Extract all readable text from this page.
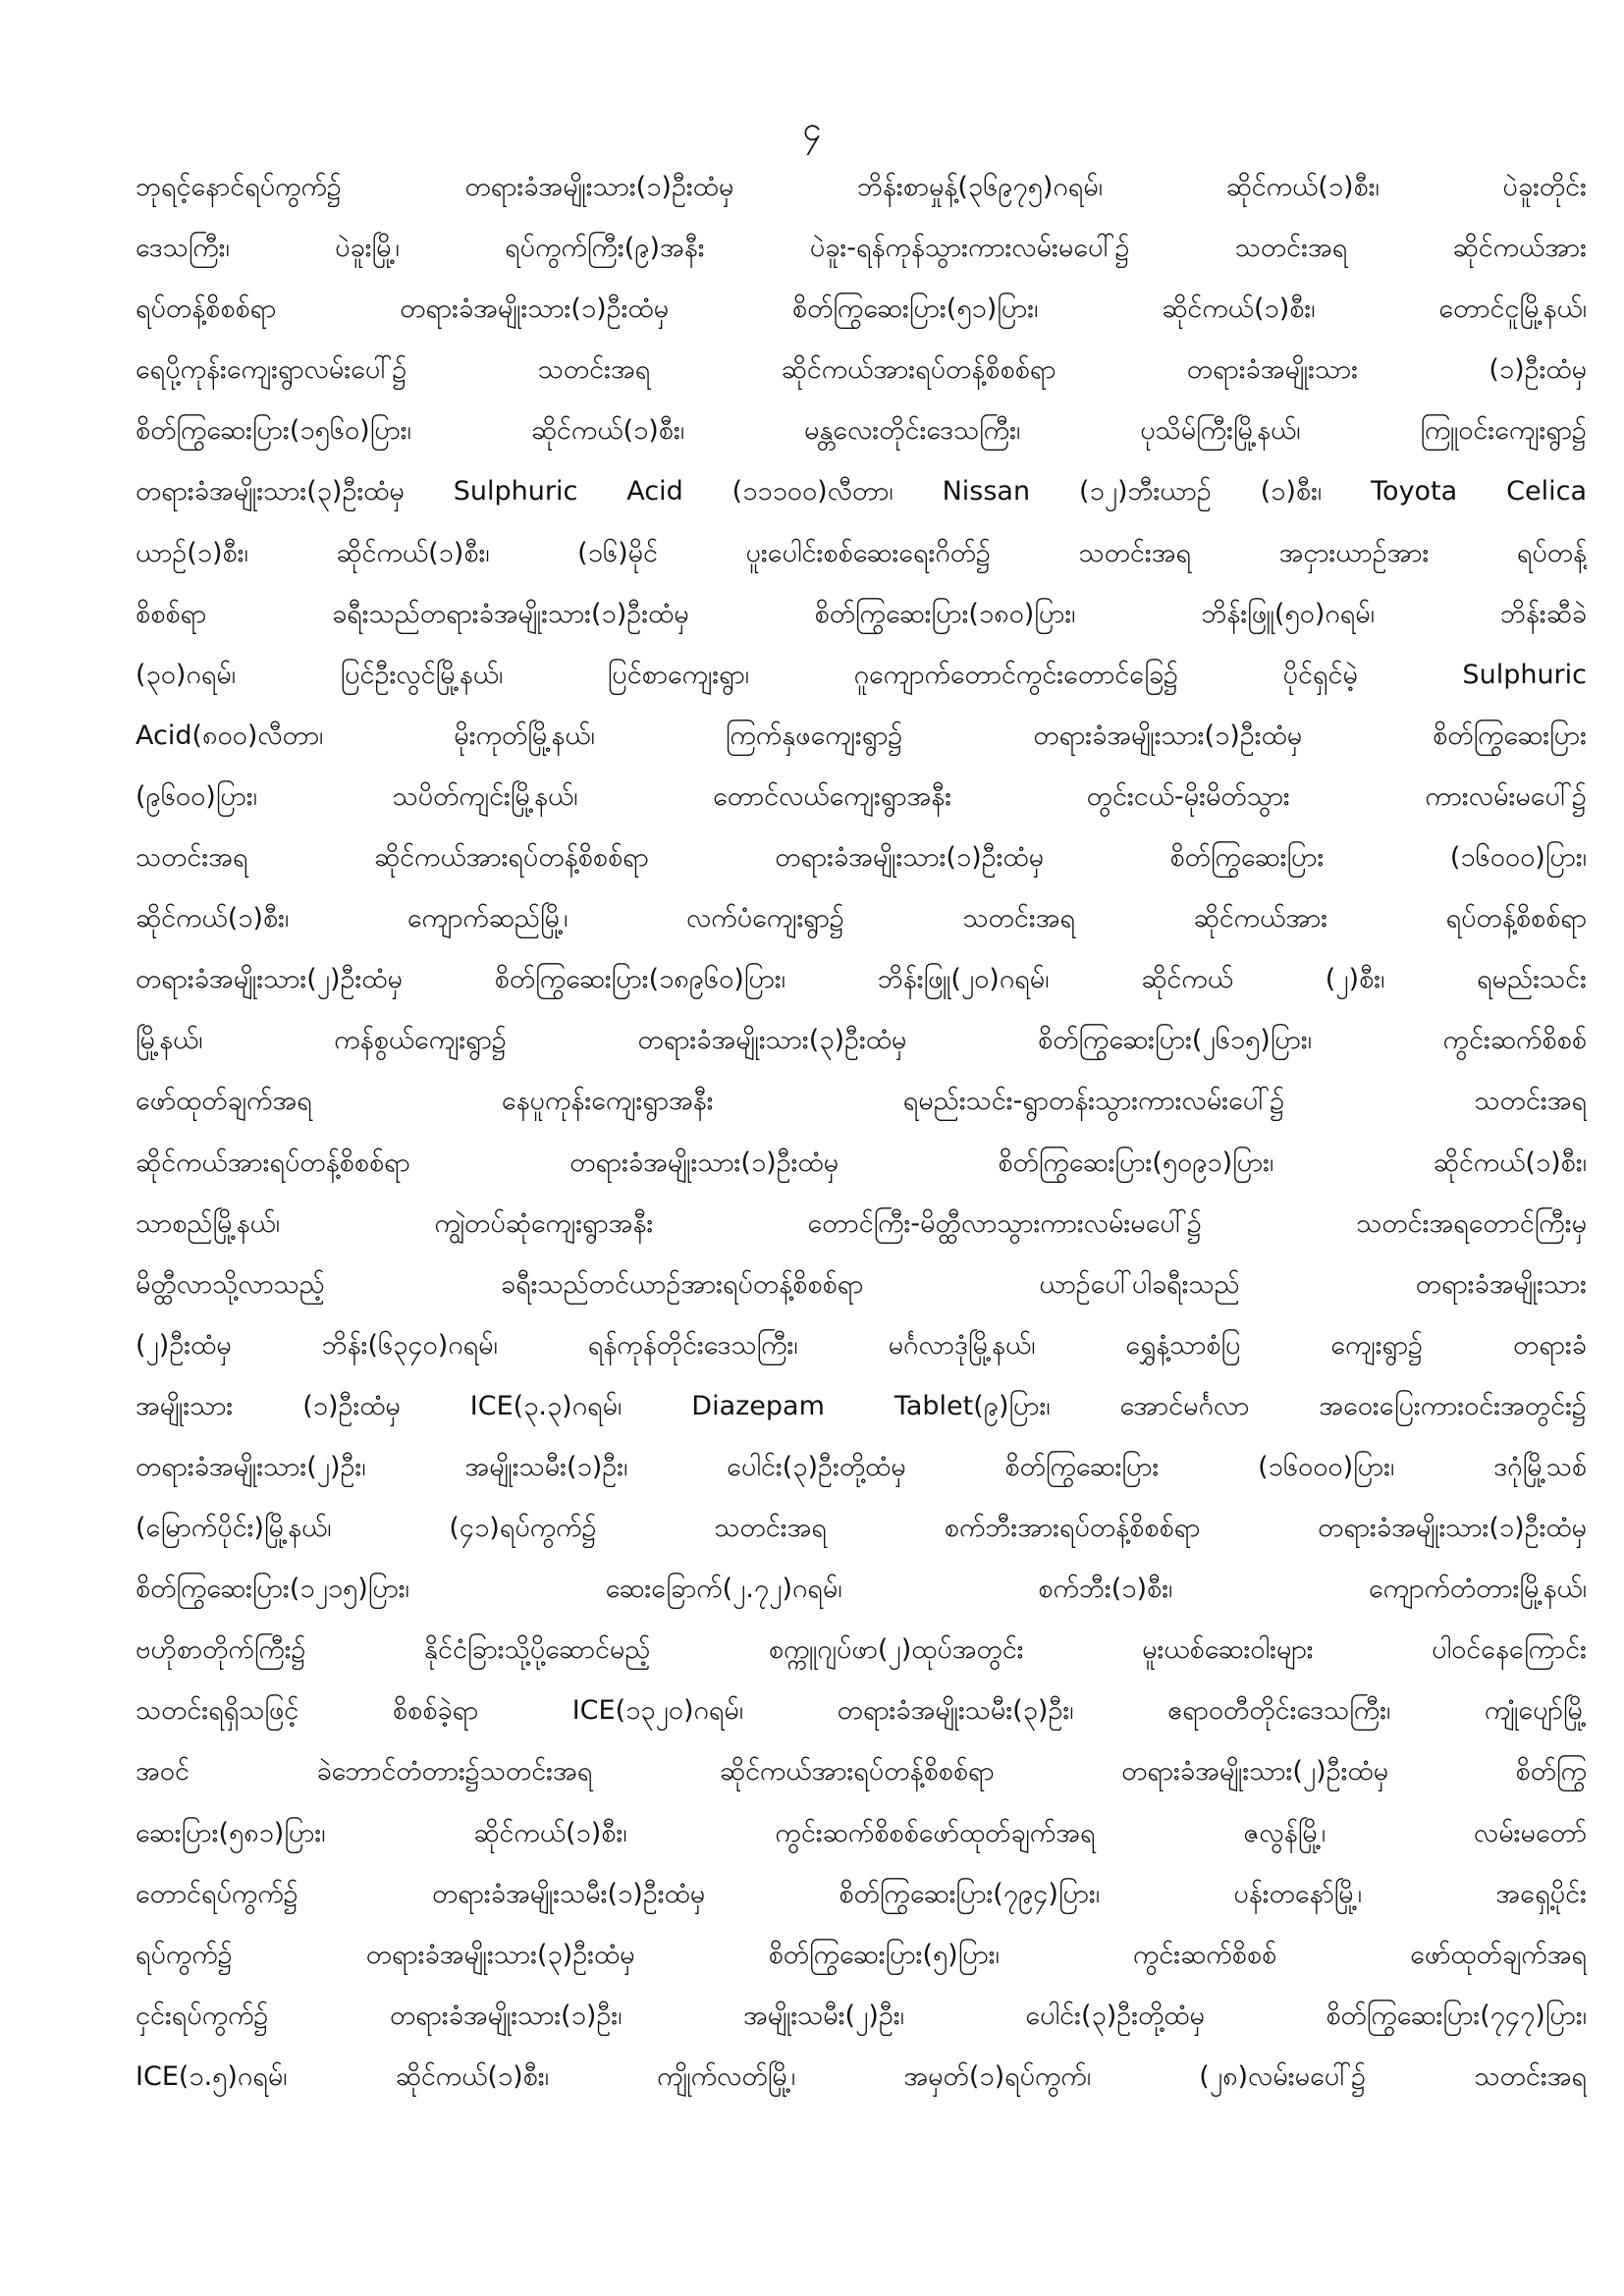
၄
ဘုရင့်နောင်ရပ်ကွက်၌ တရားခံအမျိုးသား(၁)ဦးထံမှ ဘိန်းစာမှုန့်(၃၆၉၇၅)ဂရမ်၊ ဆိုင်ကယ်(၁)စီး၊ ပဲခူးတိုင်း
ဒေသကြီး၊ ပဲခူးမြို့၊ ရပ်ကွက်ကြီး(၉)အနီး ပဲခူး-ရန်ကုန်သွားကားလမ်းမပေါ်၌ သတင်းအရ ဆိုင်ကယ်အား
ရပ်တန့်စိစစ်ရာ တရားခံအမျိုးသား(၁)ဦးထံမှ စိတ်ကြွဆေးပြား(၅၁)ပြား၊ ဆိုင်ကယ်(၁)စီး၊ တောင်ငူမြို့နယ်၊
ရေပို့ကုန်းကျေးရွာလမ်းပေါ်၌ သတင်းအရ ဆိုင်ကယ်အားရပ်တန့်စိစစ်ရာ တရားခံအမျိုးသား (၁)ဦးထံမှ
စိတ်ကြွဆေးပြား(၁၅၆၀)ပြား၊ ဆိုင်ကယ်(၁)စီး၊ မန္တလေးတိုင်းဒေသကြီး၊ ပုသိမ်ကြီးမြို့နယ်၊ ကြူဝင်းကျေးရွာ၌
တရားခံအမျိုးသား(၃)ဦးထံမှ Sulphuric Acid (၁၁၁၀၀)လီတာ၊ Nissan (၁၂)ဘီးယာဉ် (၁)စီး၊ Toyota Celica
ယာဉ်(၁)စီး၊ ဆိုင်ကယ်(၁)စီး၊ (၁၆)မိုင် ပူးပေါင်းစစ်ဆေးရေးဂိတ်၌ သတင်းအရ အငှားယာဉ်အား ရပ်တန့်
စိစစ်ရာ ခရီးသည်တရားခံအမျိုးသား(၁)ဦးထံမှ စိတ်ကြွဆေးပြား(၁၈၀)ပြား၊ ဘိန်းဖြူ(၅၀)ဂရမ်၊ ဘိန်းဆီခဲ
(၃၀)ဂရမ်၊ ပြင်ဦးလွင်မြို့နယ်၊ ပြင်စာကျေးရွာ၊ ဂူကျောက်တောင်ကွင်းတောင်ခြေ၌ ပိုင်ရှင်မဲ့ Sulphuric
Acid(၈၀၀)လီတာ၊ မိုးကုတ်မြို့နယ်၊ ကြက်နှဖကျေးရွာ၌ တရားခံအမျိုးသား(၁)ဦးထံမှ စိတ်ကြွဆေးပြား
(၉၆၀၀)ပြား၊ သပိတ်ကျင်းမြို့နယ်၊ တောင်လယ်ကျေးရွာအနီး တွင်းငယ်-မိုးမိတ်သွား ကားလမ်းမပေါ်၌
သတင်းအရ ဆိုင်ကယ်အားရပ်တန့်စိစစ်ရာ တရားခံအမျိုးသား(၁)ဦးထံမှ စိတ်ကြွဆေးပြား (၁၆၀၀၀)ပြား၊
ဆိုင်ကယ်(၁)စီး၊ ကျောက်ဆည်မြို့၊ လက်ပံကျေးရွာ၌ သတင်းအရ ဆိုင်ကယ်အား ရပ်တန့်စိစစ်ရာ
တရားခံအမျိုးသား(၂)ဦးထံမှ စိတ်ကြွဆေးပြား(၁၈၉၆၀)ပြား၊ ဘိန်းဖြူ(၂၀)ဂရမ်၊ ဆိုင်ကယ် (၂)စီး၊ ရမည်းသင်း
မြို့နယ်၊ ကန်စွယ်ကျေးရွာ၌ တရားခံအမျိုးသား(၃)ဦးထံမှ စိတ်ကြွဆေးပြား(၂၆၁၅)ပြား၊ ကွင်းဆက်စိစစ်
ဖော်ထုတ်ချက်အရ နေပူကုန်းကျေးရွာအနီး ရမည်းသင်း-ရွာတန်းသွားကားလမ်းပေါ်၌ သတင်းအရ
ဆိုင်ကယ်အားရပ်တန့်စိစစ်ရာ တရားခံအမျိုးသား(၁)ဦးထံမှ စိတ်ကြွဆေးပြား(၅၀၉၁)ပြား၊ ဆိုင်ကယ်(၁)စီး၊
သာစည်မြို့နယ်၊ ကျွဲတပ်ဆုံကျေးရွာအနီး တောင်ကြီး-မိတ္ထီလာသွားကားလမ်းမပေါ်၌ သတင်းအရတောင်ကြီးမှ
မိတ္ထီလာသို့လာသည့် ခရီးသည်တင်ယာဉ်အားရပ်တန့်စိစစ်ရာ ယာဉ်ပေါ်ပါခရီးသည် တရားခံအမျိုးသား
(၂)ဦးထံမှ ဘိန်း(၆၃၄၀)ဂရမ်၊ ရန်ကုန်တိုင်းဒေသကြီး၊ မင်္ဂလာဒုံမြို့နယ်၊ ရွှေနံ့သာစံပြ ကျေးရွာ၌ တရားခံ
အမျိုးသား (၁)ဦးထံမှ ICE(၃.၃)ဂရမ်၊ Diazepam Tablet(၉)ပြား၊ အောင်မင်္ဂလာ အဝေးပြေးကားဝင်းအတွင်း၌
တရားခံအမျိုးသား(၂)ဦး၊ အမျိုးသမီး(၁)ဦး၊ ပေါင်း(၃)ဦးတို့ထံမှ စိတ်ကြွဆေးပြား (၁၆၀၀၀)ပြား၊ ဒဂုံမြို့သစ်
(မြောက်ပိုင်း)မြို့နယ်၊ (၄၁)ရပ်ကွက်၌ သတင်းအရ စက်ဘီးအားရပ်တန့်စိစစ်ရာ တရားခံအမျိုးသား(၁)ဦးထံမှ
စိတ်ကြွဆေးပြား(၁၂၁၅)ပြား၊ ဆေးခြောက်(၂.၇၂)ဂရမ်၊ စက်ဘီး(၁)စီး၊ ကျောက်တံတားမြို့နယ်၊
ဗဟိုစာတိုက်ကြီး၌ နိုင်ငံခြားသို့ပို့ဆောင်မည့် စက္ကူဂျပ်ဖာ(၂)ထုပ်အတွင်း မူးယစ်ဆေးဝါးများ ပါဝင်နေကြောင်း
သတင်းရရှိသဖြင့် စိစစ်ခဲ့ရာ ICE(၁၃၂၀)ဂရမ်၊ တရားခံအမျိုးသမီး(၃)ဦး၊ ဧရာဝတီတိုင်းဒေသကြီး၊ ကျုံပျော်မြို့
အဝင် ခဲဘောင်တံတား၌သတင်းအရ ဆိုင်ကယ်အားရပ်တန့်စိစစ်ရာ တရားခံအမျိုးသား(၂)ဦးထံမှ စိတ်ကြွ
ဆေးပြား(၅၈၁)ပြား၊ ဆိုင်ကယ်(၁)စီး၊ ကွင်းဆက်စိစစ်ဖော်ထုတ်ချက်အရ ဇလွန်မြို့၊ လမ်းမတော်
တောင်ရပ်ကွက်၌ တရားခံအမျိုးသမီး(၁)ဦးထံမှ စိတ်ကြွဆေးပြား(၇၉၄)ပြား၊ ပန်းတနော်မြို့၊ အရှေ့ပိုင်း
ရပ်ကွက်၌ တရားခံအမျိုးသား(၃)ဦးထံမှ စိတ်ကြွဆေးပြား(၅)ပြား၊ ကွင်းဆက်စိစစ် ဖော်ထုတ်ချက်အရ
ငှင်းရပ်ကွက်၌ တရားခံအမျိုးသား(၁)ဦး၊ အမျိုးသမီး(၂)ဦး၊ ပေါင်း(၃)ဦးတို့ထံမှ စိတ်ကြွဆေးပြား(၇၄၇)ပြား၊
ICE(၁.၅)ဂရမ်၊ ဆိုင်ကယ်(၁)စီး၊ ကျိုက်လတ်မြို့၊ အမှတ်(၁)ရပ်ကွက်၊ (၂၈)လမ်းမပေါ်၌ သတင်းအရ
